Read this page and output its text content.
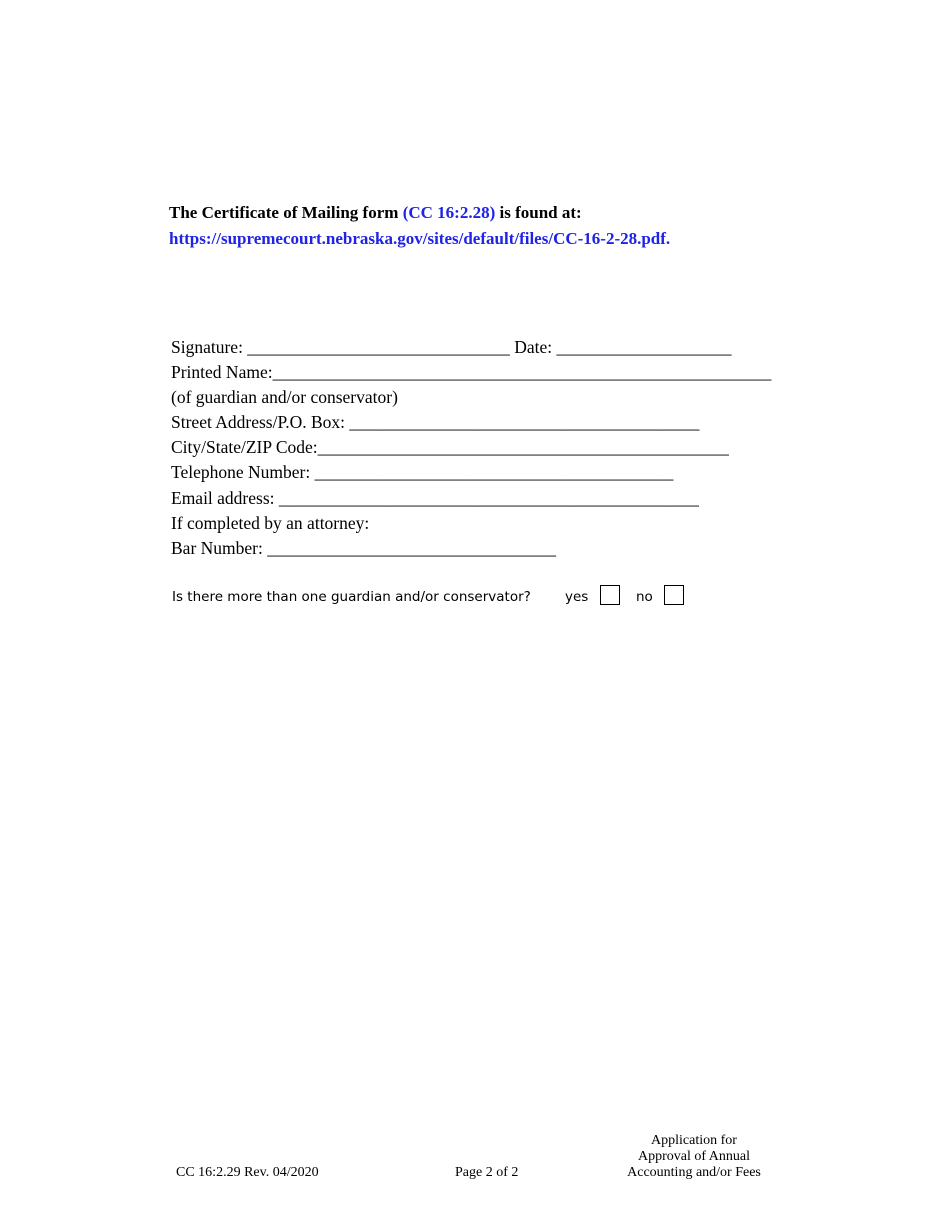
The Certificate of Mailing form (CC 16:2.28) is found at:
https://supremecourt.nebraska.gov/sites/default/files/CC-16-2-28.pdf.
Signature: ______________________________ Date: ____________________
Printed Name:_________________________________________________________
(of guardian and/or conservator)
Street Address/P.O. Box: ________________________________________
City/State/ZIP Code:_______________________________________________
Telephone Number: _________________________________________
Email address: ________________________________________________
If completed by an attorney:
Bar Number: _________________________________
Is there more than one guardian and/or conservator?	yes	no
CC 16:2.29 Rev. 04/2020	Page 2 of 2
Application for
Approval of Annual
Accounting and/or Fees
